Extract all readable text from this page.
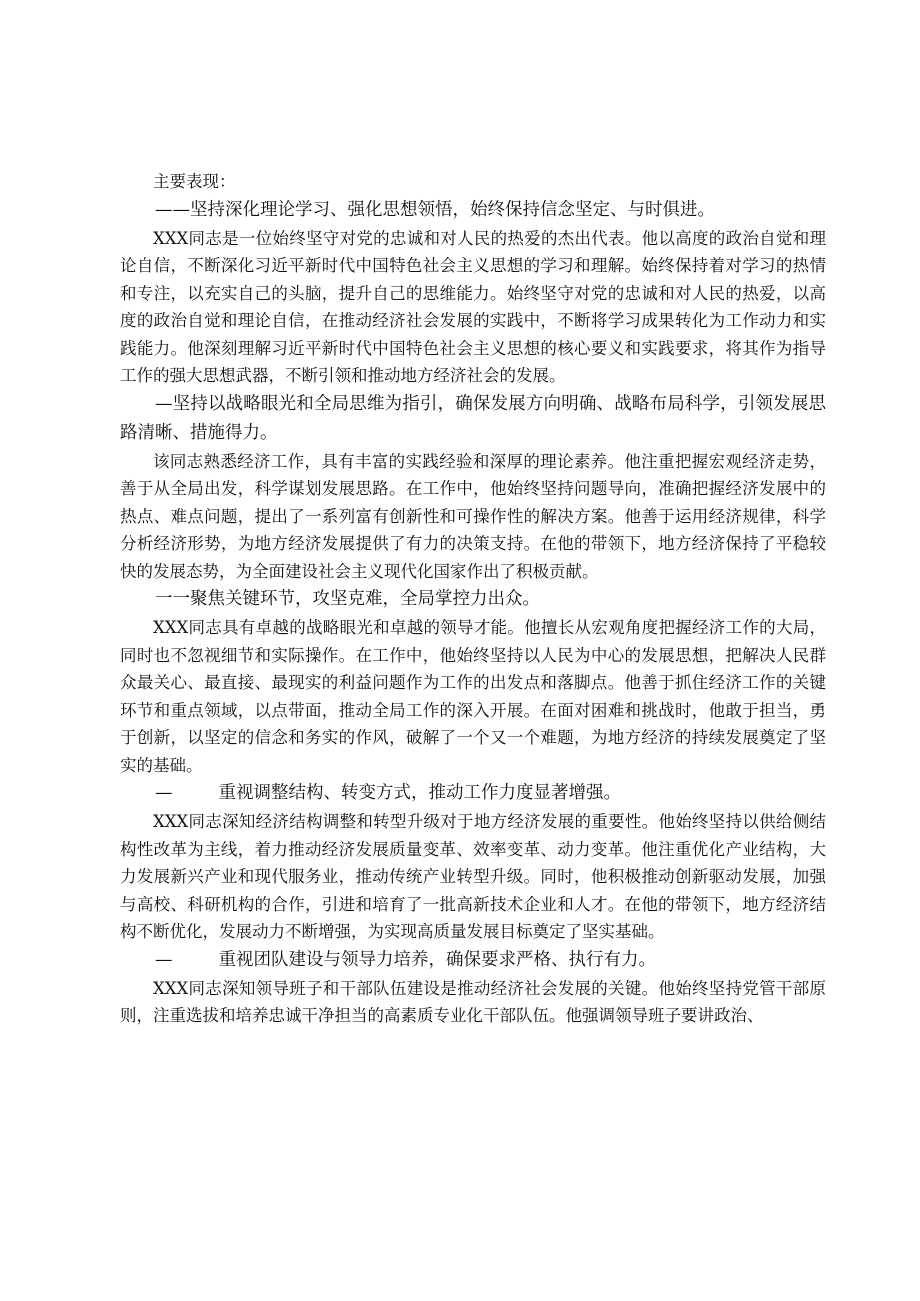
主要表现：

——坚持深化理论学习、强化思想领悟，始终保持信念坚定、与时俱进。

XXX同志是一位始终坚守对党的忠诚和对人民的热爱的杰出代表。他以高度的政治自觉和理论自信，不断深化习近平新时代中国特色社会主义思想的学习和理解。始终保持着对学习的热情和专注，以充实自己的头脑，提升自己的思维能力。始终坚守对党的忠诚和对人民的热爱，以高度的政治自觉和理论自信，在推动经济社会发展的实践中，不断将学习成果转化为工作动力和实践能力。他深刻理解习近平新时代中国特色社会主义思想的核心要义和实践要求，将其作为指导工作的强大思想武器，不断引领和推动地方经济社会的发展。

—坚持以战略眼光和全局思维为指引，确保发展方向明确、战略布局科学，引领发展思路清晰、措施得力。

该同志熟悉经济工作，具有丰富的实践经验和深厚的理论素养。他注重把握宏观经济走势，善于从全局出发，科学谋划发展思路。在工作中，他始终坚持问题导向，准确把握经济发展中的热点、难点问题，提出了一系列富有创新性和可操作性的解决方案。他善于运用经济规律，科学分析经济形势，为地方经济发展提供了有力的决策支持。在他的带领下，地方经济保持了平稳较快的发展态势，为全面建设社会主义现代化国家作出了积极贡献。

一一聚焦关键环节，攻坚克难，全局掌控力出众。

XXX同志具有卓越的战略眼光和卓越的领导才能。他擅长从宏观角度把握经济工作的大局，同时也不忽视细节和实际操作。在工作中，他始终坚持以人民为中心的发展思想，把解决人民群众最关心、最直接、最现实的利益问题作为工作的出发点和落脚点。他善于抓住经济工作的关键环节和重点领域，以点带面，推动全局工作的深入开展。在面对困难和挑战时，他敢于担当，勇于创新，以坚定的信念和务实的作风，破解了一个又一个难题，为地方经济的持续发展奠定了坚实的基础。

—	重视调整结构、转变方式，推动工作力度显著增强。

XXX同志深知经济结构调整和转型升级对于地方经济发展的重要性。他始终坚持以供给侧结构性改革为主线，着力推动经济发展质量变革、效率变革、动力变革。他注重优化产业结构，大力发展新兴产业和现代服务业，推动传统产业转型升级。同时，他积极推动创新驱动发展，加强与高校、科研机构的合作，引进和培育了一批高新技术企业和人才。在他的带领下，地方经济结构不断优化，发展动力不断增强，为实现高质量发展目标奠定了坚实基础。

—	重视团队建设与领导力培养，确保要求严格、执行有力。

XXX同志深知领导班子和干部队伍建设是推动经济社会发展的关键。他始终坚持党管干部原则，注重选拔和培养忠诚干净担当的高素质专业化干部队伍。他强调领导班子要讲政治、
